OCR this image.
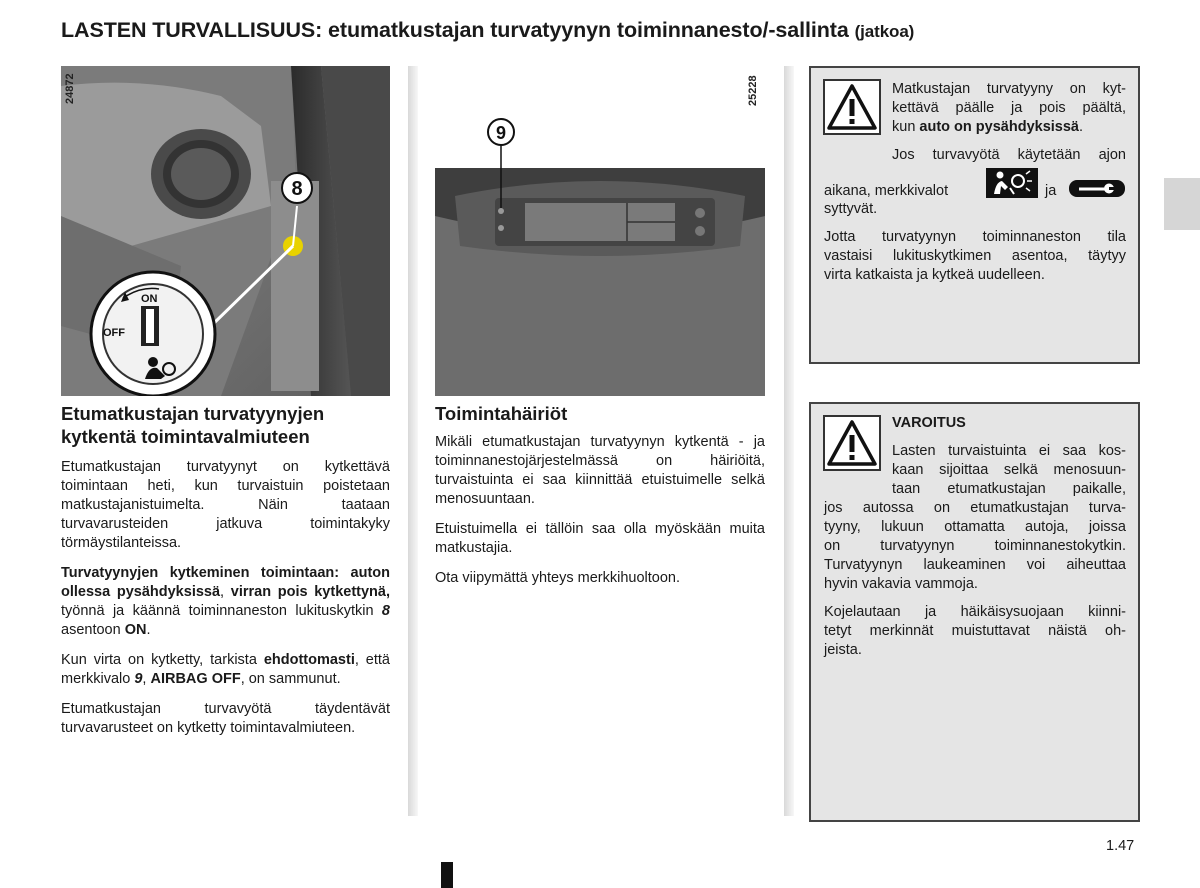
LASTEN TURVALLISUUS: etumatkustajan turvatyynyn toiminnanesto/-sallinta (jatkoa)
8
ON
OFF
24872
9
25228
Etumatkustajan turvatyynyjen
kytkentä toimintavalmiuteen

Etumatkustajan turvatyynyt on kytkettävä toimintaan heti, kun turvaistuin poistetaan matkustajanistuimelta. Näin taataan turvavarusteiden jatkuva toimintakyky törmäystilanteissa.

Turvatyynyjen kytkeminen toimintaan: auton ollessa pysähdyksissä, virran pois kytkettynä, työnnä ja käännä toiminnaneston lukituskytkin 8 asentoon ON.

Kun virta on kytketty, tarkista ehdottomasti, että merkkivalo 9, AIRBAG OFF, on sammunut.

Etumatkustajan turvavyötä täydentävät turvavarusteet on kytketty toimintavalmiuteen.

Toimintahäiriöt

Mikäli etumatkustajan turvatyynyn kytkentä - ja toiminnanestojärjestelmässä on häiriöitä, turvaistuinta ei saa kiinnittää etuistuimelle selkä menosuuntaan.

Etuistuimella ei tällöin saa olla myöskään muita matkustajia.

Ota viipymättä yhteys merkkihuoltoon.

Matkustajan turvatyyny on kyt-
kettävä päälle ja pois päältä,
kun auto on pysähdyksissä.
Jos turvavyötä käytetään ajon
aikana, merkkivalot	ja
syttyvät.
Jotta turvatyynyn toiminnaneston tila
vastaisi lukituskytkimen asentoa, täytyy
virta katkaista ja kytkeä uudelleen.
VAROITUS
Lasten turvaistuinta ei saa kos-
kaan sijoittaa selkä menosuun-
taan etumatkustajan paikalle,
jos autossa on etumatkustajan turva-
tyyny, lukuun ottamatta autoja, joissa
on turvatyynyn toiminnanestokytkin.
Turvatyynyn laukeaminen voi aiheuttaa
hyvin vakavia vammoja.
Kojelautaan ja häikäisysuojaan kiinni-
tetyt merkinnät muistuttavat näistä oh-
jeista.
1.47
